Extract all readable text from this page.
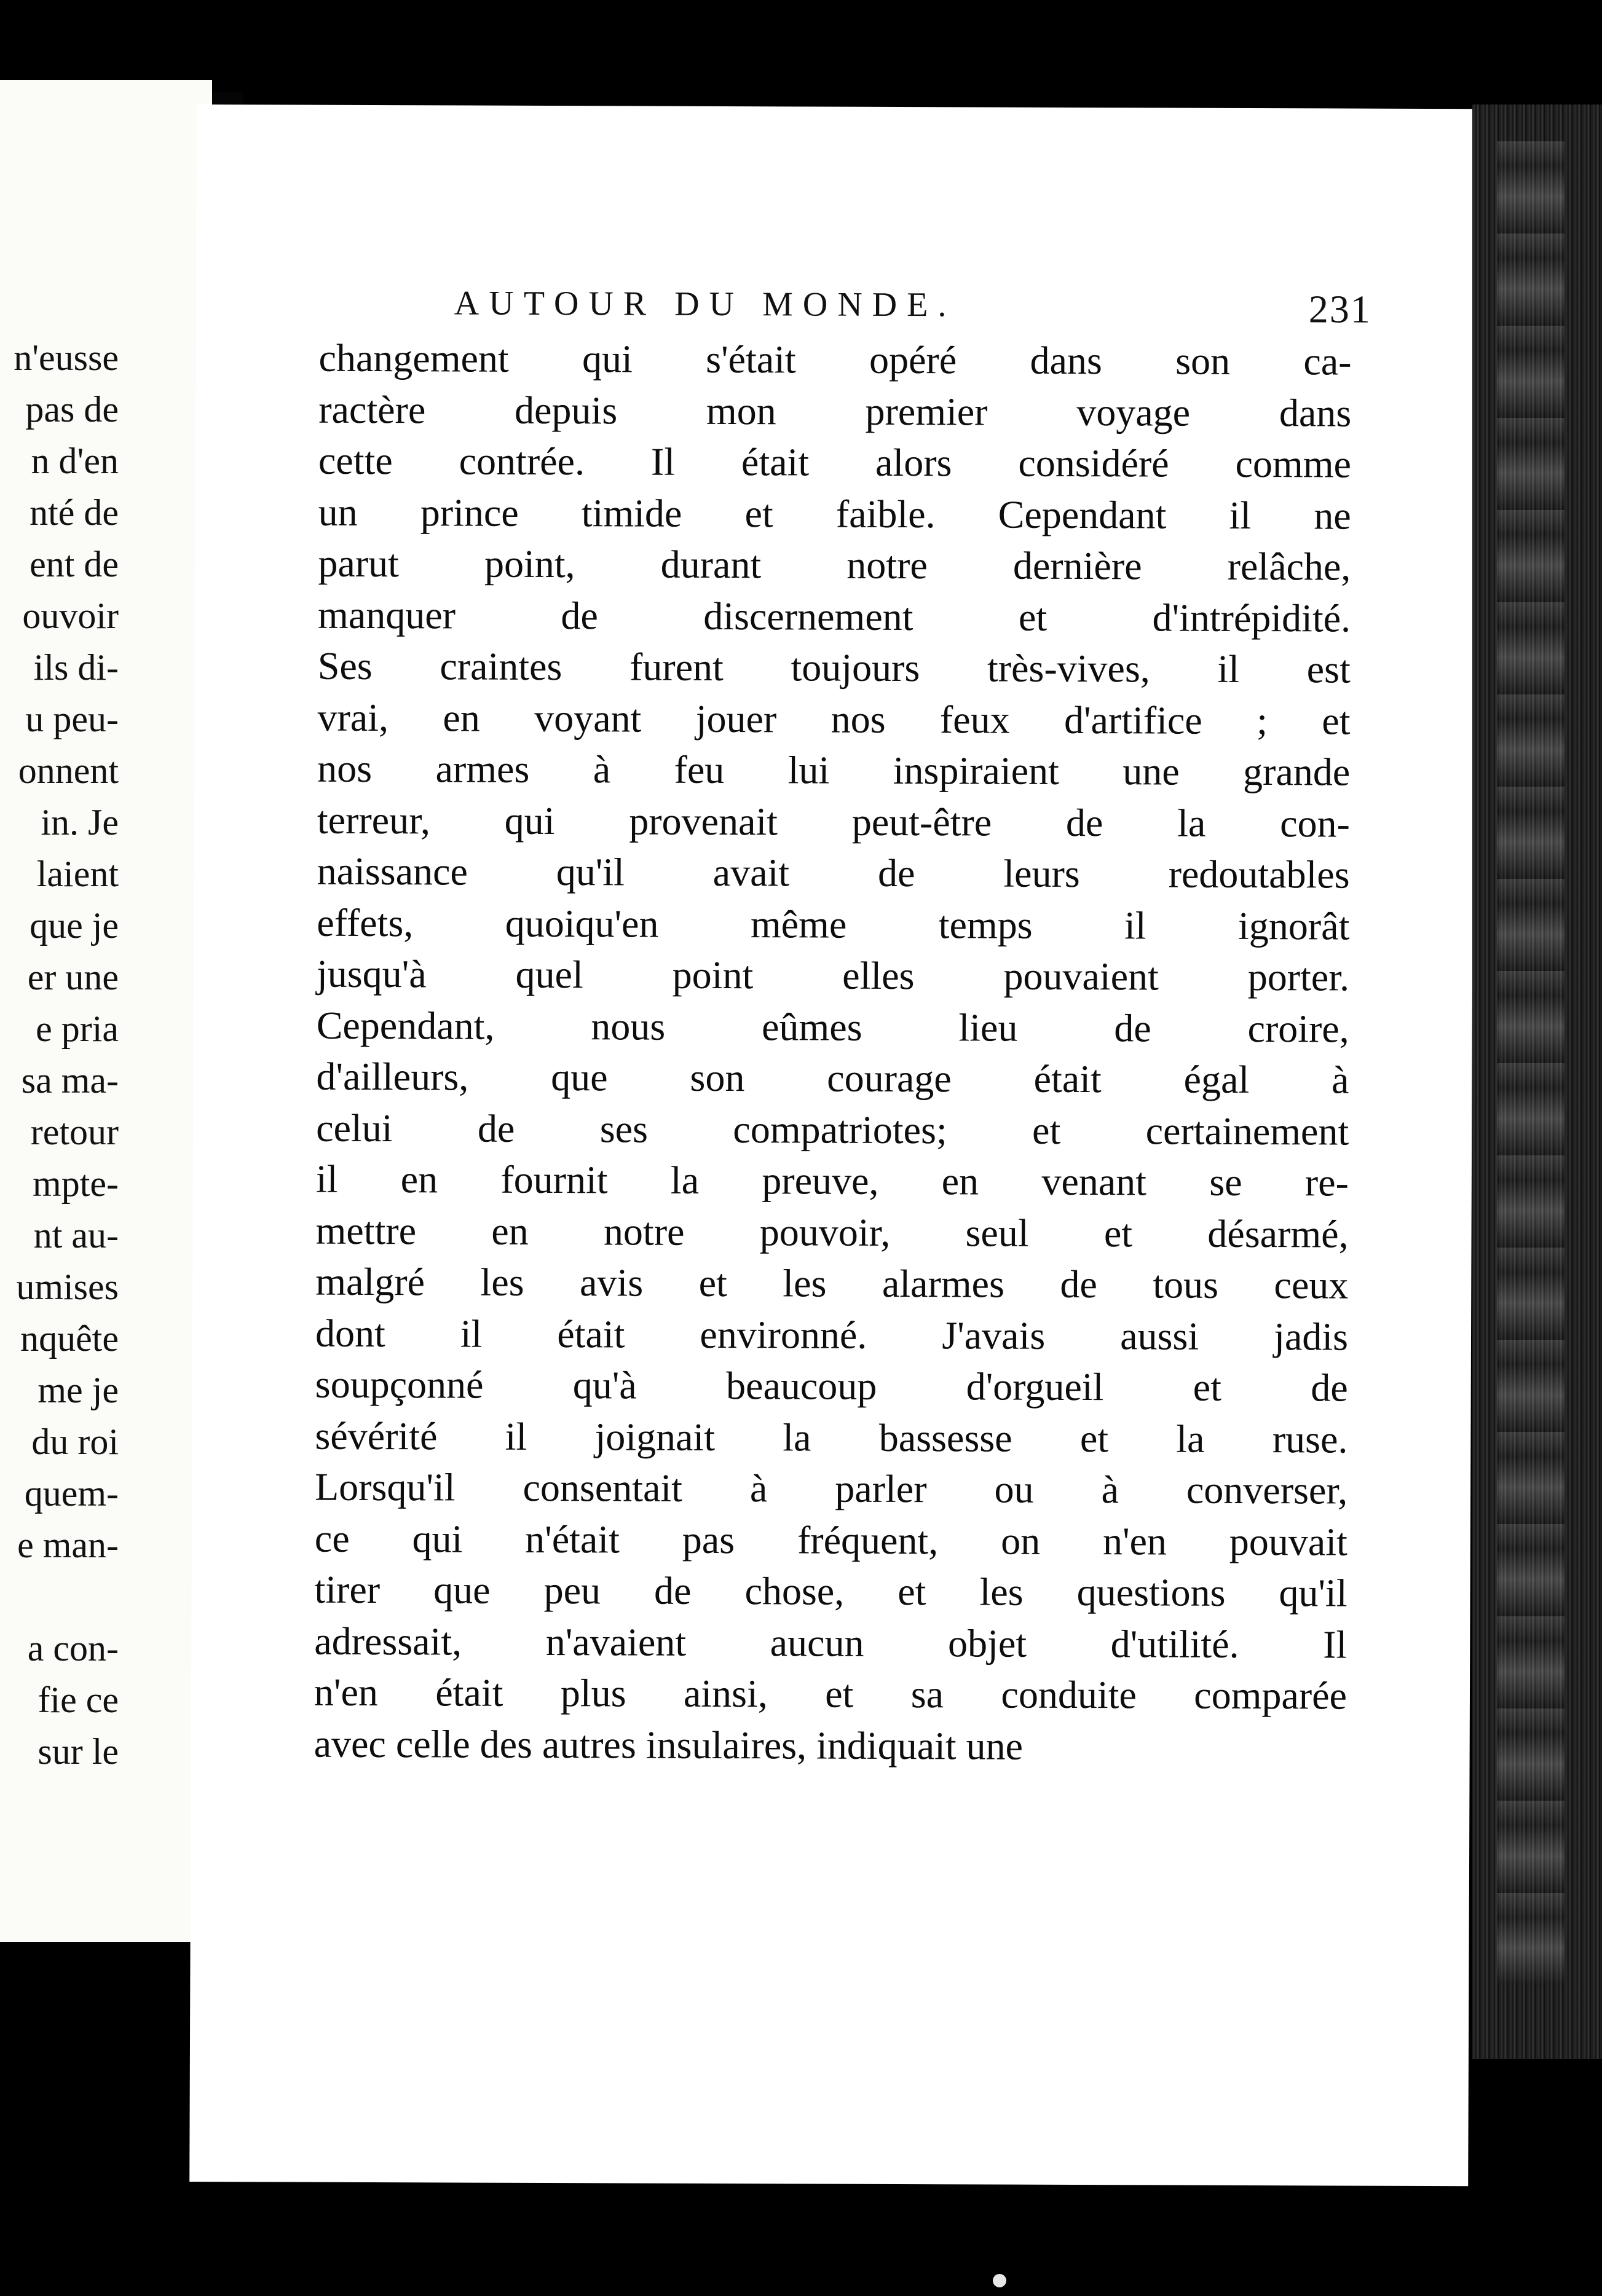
n'eusse
pas de
n d'en
nté de
ent de
ouvoir
ils di-
u peu-
onnent
in. Je
laient
que je
er une
e pria
sa ma-
retour
mpte-
nt au-
umises
nquête
me je
du roi
quem-
e man-
a con-
fie ce
sur le
AUTOUR DU MONDE.	231
changement qui s'était opéré dans son ca-
ractère depuis mon premier voyage dans
cette contrée. Il était alors considéré comme
un prince timide et faible. Cependant il ne
parut point, durant notre dernière relâche,
manquer de discernement et d'intrépidité.
Ses craintes furent toujours très-vives, il est
vrai, en voyant jouer nos feux d'artifice ; et
nos armes à feu lui inspiraient une grande
terreur, qui provenait peut-être de la con-
naissance qu'il avait de leurs redoutables
effets, quoiqu'en même temps il ignorât
jusqu'à quel point elles pouvaient porter.
Cependant, nous eûmes lieu de croire,
d'ailleurs, que son courage était égal à
celui de ses compatriotes; et certainement
il en fournit la preuve, en venant se re-
mettre en notre pouvoir, seul et désarmé,
malgré les avis et les alarmes de tous ceux
dont il était environné. J'avais aussi jadis
soupçonné qu'à beaucoup d'orgueil et de
sévérité il joignait la bassesse et la ruse.
Lorsqu'il consentait à parler ou à converser,
ce qui n'était pas fréquent, on n'en pouvait
tirer que peu de chose, et les questions qu'il
adressait, n'avaient aucun objet d'utilité. Il
n'en était plus ainsi, et sa conduite comparée
avec celle des autres insulaires, indiquait une
